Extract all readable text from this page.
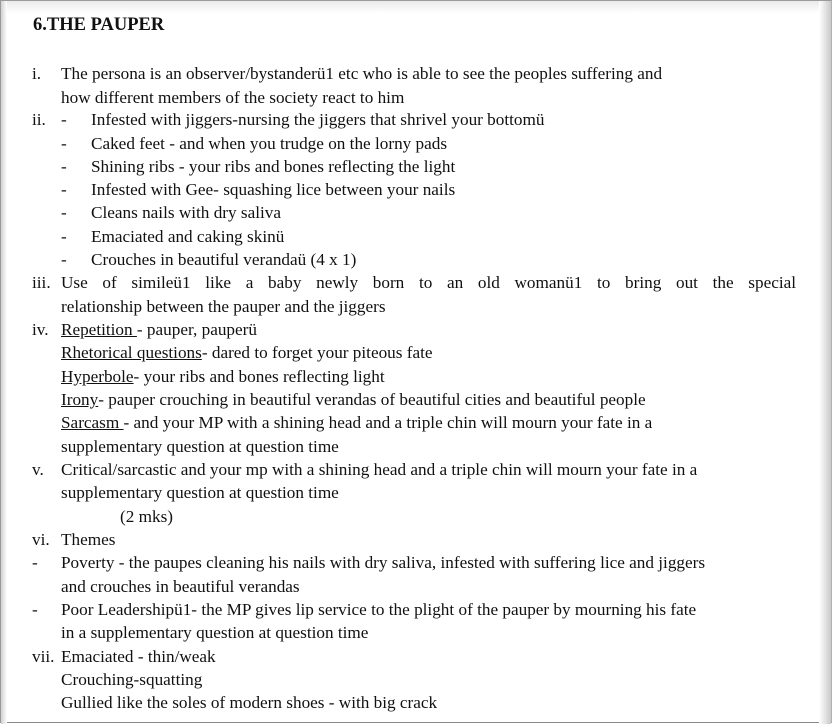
6.THE PAUPER
i. The persona is an observer/bystanderü1 etc who is able to see the peoples suffering and
how different members of the society react to him
ii. - Infested with jiggers-nursing the jiggers that shrivel your bottomü
- Caked feet - and when you trudge on the lorny pads
- Shining ribs - your ribs and bones reflecting the light
- Infested with Gee- squashing lice between your nails
- Cleans nails with dry saliva
- Emaciated and caking skinü
- Crouches in beautiful verandaü (4 x 1)
iii. Use of simileü1 like a baby newly born to an old womanü1 to bring out the special
relationship between the pauper and the jiggers
iv. Repetition - pauper, pauperü
Rhetorical questions- dared to forget your piteous fate
Hyperbole- your ribs and bones reflecting light
Irony- pauper crouching in beautiful verandas of beautiful cities and beautiful people
Sarcasm - and your MP with a shining head and a triple chin will mourn your fate in a
supplementary question at question time
v. Critical/sarcastic and your mp with a shining head and a triple chin will mourn your fate in a
supplementary question at question time
(2 mks)
vi. Themes
- Poverty - the paupes cleaning his nails with dry saliva, infested with suffering lice and jiggers
and crouches in beautiful verandas
- Poor Leadershipü1- the MP gives lip service to the plight of the pauper by mourning his fate
in a supplementary question at question time
vii. Emaciated - thin/weak
Crouching-squatting
Gullied like the soles of modern shoes - with big crack
